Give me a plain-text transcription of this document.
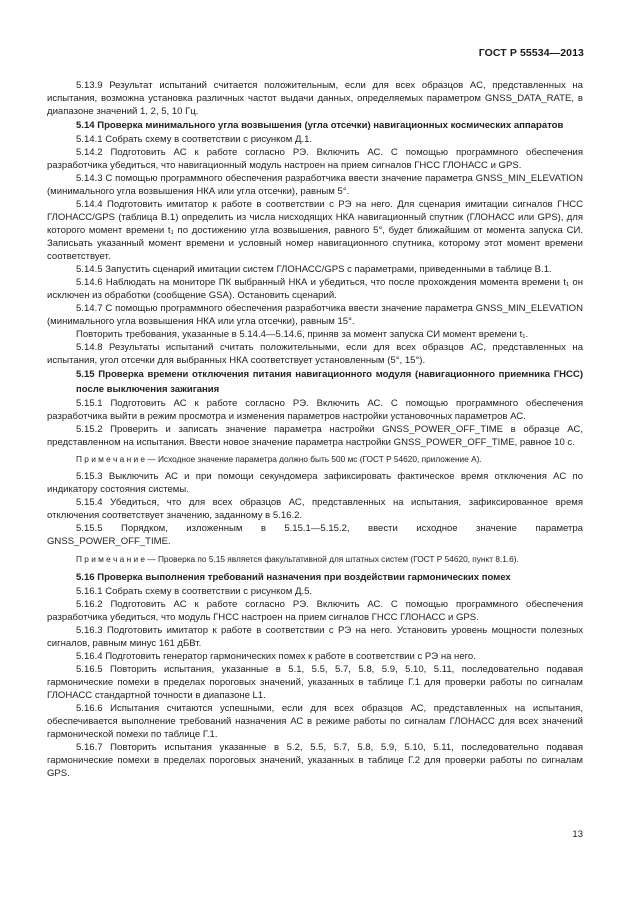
ГОСТ Р 55534—2013

5.13.9 Результат испытаний считается положительным, если для всех образцов АС, представленных на испытания, возможна установка различных частот выдачи данных, определяемых параметром GNSS_DATA_RATE, в диапазоне значений 1, 2, 5, 10 Гц.

5.14 Проверка минимального угла возвышения (угла отсечки) навигационных космических аппаратов

5.14.1 Собрать схему в соответствии с рисунком Д.1.

5.14.2 Подготовить АС к работе согласно РЭ. Включить АС. С помощью программного обеспечения разработчика убедиться, что навигационный модуль настроен на прием сигналов ГНСС ГЛОНАСС и GPS.

5.14.3 С помощью программного обеспечения разработчика ввести значение параметра GNSS_MIN_ELEVATION (минимального угла возвышения НКА или угла отсечки), равным 5°.

5.14.4 Подготовить имитатор к работе в соответствии с РЭ на него. Для сценария имитации сигналов ГНСС ГЛОНАСС/GPS (таблица В.1) определить из числа нисходящих НКА навигационный спутник (ГЛОНАСС или GPS), для которого момент времени t₁ по достижению угла возвышения, равного 5°, будет ближайшим от момента запуска СИ. Запись​ать указанный момент времени и условный номер навигационного спутника, которому этот момент времени соответствует.

5.14.5 Запустить сценарий имитации систем ГЛОНАСС/GPS с параметрами, приведенными в таблице В.1.

5.14.6 Наблюдать на мониторе ПК выбранный НКА и убедиться, что после прохождения момента времени t₁ он исключен из обработки (сообщение GSA). Остановить сценарий.

5.14.7 С помощью программного обеспечения разработчика ввести значение параметра GNSS_MIN_ELEVATION (минимального угла возвышения НКА или угла отсечки), равным 15°.

Повторить требования, указанные в 5.14.4—5.14.6, приняв за момент запуска СИ момент времени t₁.

5.14.8 Результаты испытаний считать положительными, если для всех образцов АС, представленных на испытания, угол отсечки для выбранных НКА соответствует установленным (5°, 15°).

5.15 Проверка времени отключения питания навигационного модуля (навигационного приемника ГНСС) после выключения зажигания

5.15.1 Подготовить АС к работе согласно РЭ. Включить АС. С помощью программного обеспечения разработчика выйти в режим просмотра и изменения параметров настройки установочных параметров АС.

5.15.2 Проверить и записать значение параметра настройки GNSS_POWER_OFF_TIME в образце АС, представленном на испытания. Ввести новое значение параметра настройки GNSS_POWER_OFF_TIME, равное 10 с.

П р и м е ч а н и е — Исходное значение параметра должно быть 500 мс (ГОСТ Р 54620, приложение А).

5.15.3 Выключить АС и при помощи секундомера зафиксировать фактическое время отключения АС по индикатору состояния системы.

5.15.4 Убедиться, что для всех образцов АС, представленных на испытания, зафиксированное время отключения соответствует значению, заданному в 5.16.2.

5.15.5 Порядком, изложенным в 5.15.1—5.15.2, ввести исходное значение параметра GNSS_POWER_OFF_TIME.

П р и м е ч а н и е — Проверка по 5.15 является факультативной для штатных систем (ГОСТ Р 54620, пункт 8.1.6).

5.16 Проверка выполнения требований назначения при воздействии гармонических помех

5.16.1 Собрать схему в соответствии с рисунком Д.5.

5.16.2 Подготовить АС к работе согласно РЭ. Включить АС. С помощью программного обеспечения разработчика убедиться, что модуль ГНСС настроен на прием сигналов ГНСС ГЛОНАСС и GPS.

5.16.3 Подготовить имитатор к работе в соответствии с РЭ на него. Установить уровень мощности полезных сигналов, равным минус 161 дБВт.

5.16.4 Подготовить генератор гармонических помех к работе в соответствии с РЭ на него.

5.16.5 Повторить испытания, указанные в 5.1, 5.5, 5.7, 5.8, 5.9, 5.10, 5.11, последовательно подавая гармонические помехи в пределах пороговых значений, указанных в таблице Г.1 для проверки работы по сигналам ГЛОНАСС стандартной точности в диапазоне L1.

5.16.6 Испытания считаются успешными, если для всех образцов АС, представленных на испытания, обеспечивается выполнение требований назначения АС в режиме работы по сигналам ГЛОНАСС для всех значений гармонической помехи по таблице Г.1.

5.16.7 Повторить испытания указанные в 5.2, 5.5, 5.7, 5.8, 5.9, 5.10, 5.11, последовательно подавая гармонические помехи в пределах пороговых значений, указанных в таблице Г.2 для проверки работы по сигналам GPS.

13
